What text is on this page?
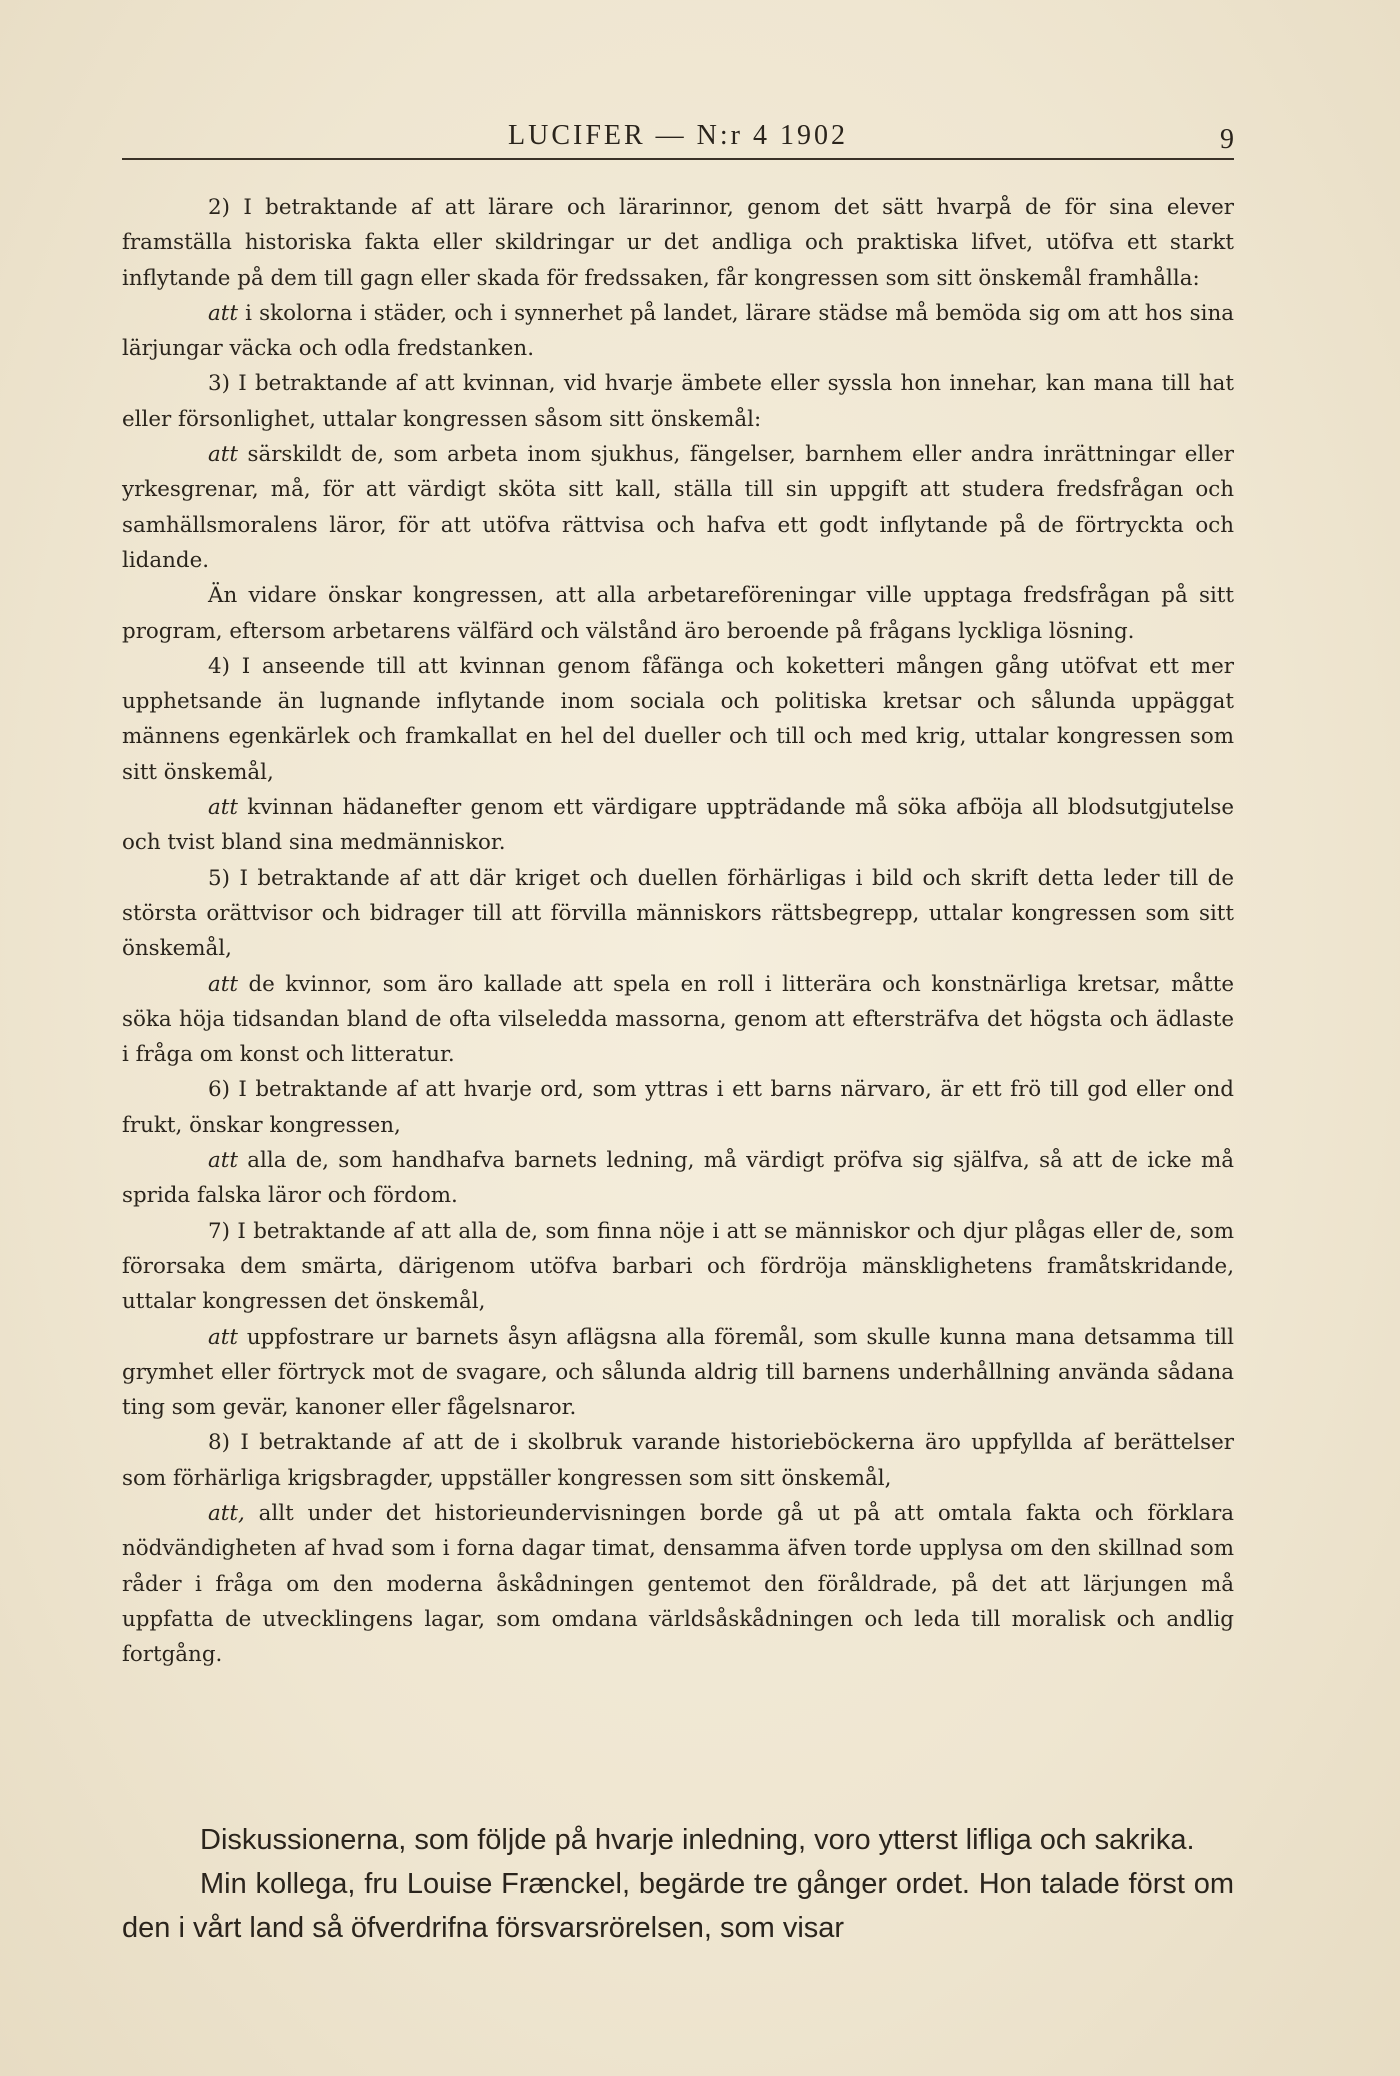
LUCIFER — N:r 4 1902	9

2) I betraktande af att lärare och lärarinnor, genom det sätt hvarpå de för sina elever framställa historiska fakta eller skildringar ur det andliga och praktiska lifvet, utöfva ett starkt inflytande på dem till gagn eller skada för fredssaken, får kongressen som sitt önskemål framhålla:

att i skolorna i städer, och i synnerhet på landet, lärare städse må bemöda sig om att hos sina lärjungar väcka och odla fredstanken.

3) I betraktande af att kvinnan, vid hvarje ämbete eller syssla hon innehar, kan mana till hat eller försonlighet, uttalar kongressen såsom sitt önskemål:

att särskildt de, som arbeta inom sjukhus, fängelser, barnhem eller andra inrättningar eller yrkesgrenar, må, för att värdigt sköta sitt kall, ställa till sin uppgift att studera fredsfrågan och samhällsmoralens läror, för att utöfva rättvisa och hafva ett godt inflytande på de förtryckta och lidande.

Än vidare önskar kongressen, att alla arbetareföreningar ville upptaga fredsfrågan på sitt program, eftersom arbetarens välfärd och välstånd äro beroende på frågans lyckliga lösning.

4) I anseende till att kvinnan genom fåfänga och koketteri mången gång utöfvat ett mer upphetsande än lugnande inflytande inom sociala och politiska kretsar och sålunda uppäggat männens egenkärlek och framkallat en hel del dueller och till och med krig, uttalar kongressen som sitt önskemål,

att kvinnan hädanefter genom ett värdigare uppträdande må söka afböja all blodsutgjutelse och tvist bland sina medmänniskor.

5) I betraktande af att där kriget och duellen förhärligas i bild och skrift detta leder till de största orättvisor och bidrager till att förvilla människors rättsbegrepp, uttalar kongressen som sitt önskemål,

att de kvinnor, som äro kallade att spela en roll i litterära och konstnärliga kretsar, måtte söka höja tidsandan bland de ofta vilseledda massorna, genom att eftersträfva det högsta och ädlaste i fråga om konst och litteratur.

6) I betraktande af att hvarje ord, som yttras i ett barns närvaro, är ett frö till god eller ond frukt, önskar kongressen,

att alla de, som handhafva barnets ledning, må värdigt pröfva sig själfva, så att de icke må sprida falska läror och fördom.

7) I betraktande af att alla de, som finna nöje i att se människor och djur plågas eller de, som förorsaka dem smärta, därigenom utöfva barbari och fördröja mänsklighetens framåtskridande, uttalar kongressen det önskemål,

att uppfostrare ur barnets åsyn aflägsna alla föremål, som skulle kunna mana detsamma till grymhet eller förtryck mot de svagare, och sålunda aldrig till barnens underhållning använda sådana ting som gevär, kanoner eller fågelsnaror.

8) I betraktande af att de i skolbruk varande historieböckerna äro uppfyllda af berättelser som förhärliga krigsbragder, uppställer kongressen som sitt önskemål,

att, allt under det historieundervisningen borde gå ut på att omtala fakta och förklara nödvändigheten af hvad som i forna dagar timat, densamma äfven torde upplysa om den skillnad som råder i fråga om den moderna åskådningen gentemot den föråldrade, på det att lärjungen må uppfatta de utvecklingens lagar, som omdana världsåskådningen och leda till moralisk och andlig fortgång.

Diskussionerna, som följde på hvarje inledning, voro ytterst lifliga och sakrika.

Min kollega, fru Louise Frænckel, begärde tre gånger ordet. Hon talade först om den i vårt land så öfverdrifna försvarsrörelsen, som visar
